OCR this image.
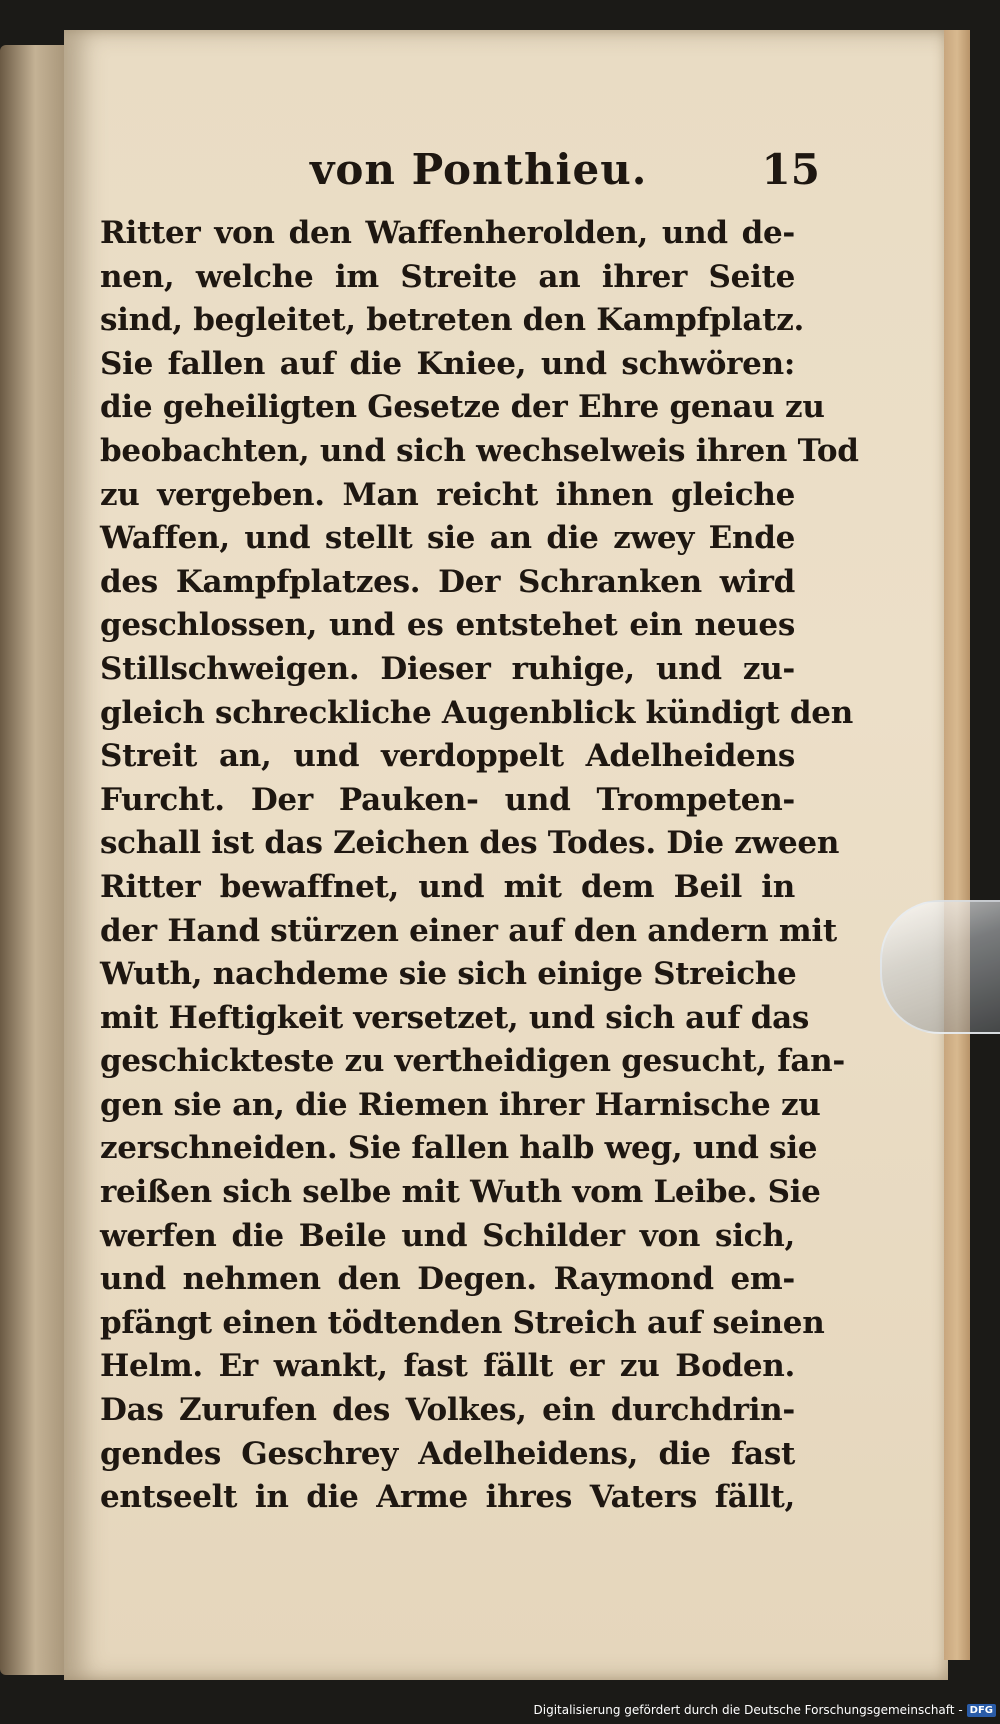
von Ponthieu.	15
Ritter von den Waffenherolden, und de-
nen, welche im Streite an ihrer Seite
sind, begleitet, betreten den Kampfplatz.
Sie fallen auf die Kniee, und schwören:
die geheiligten Gesetze der Ehre genau zu
beobachten, und sich wechselweis ihren Tod
zu vergeben. Man reicht ihnen gleiche
Waffen, und stellt sie an die zwey Ende
des Kampfplatzes. Der Schranken wird
geschlossen, und es entstehet ein neues
Stillschweigen. Dieser ruhige, und zu-
gleich schreckliche Augenblick kündigt den
Streit an, und verdoppelt Adelheidens
Furcht. Der Pauken- und Trompeten-
schall ist das Zeichen des Todes. Die zween
Ritter bewaffnet, und mit dem Beil in
der Hand stürzen einer auf den andern mit
Wuth, nachdeme sie sich einige Streiche
mit Heftigkeit versetzet, und sich auf das
geschickteste zu vertheidigen gesucht, fan-
gen sie an, die Riemen ihrer Harnische zu
zerschneiden. Sie fallen halb weg, und sie
reißen sich selbe mit Wuth vom Leibe. Sie
werfen die Beile und Schilder von sich,
und nehmen den Degen. Raymond em-
pfängt einen tödtenden Streich auf seinen
Helm. Er wankt, fast fällt er zu Boden.
Das Zurufen des Volkes, ein durchdrin-
gendes Geschrey Adelheidens, die fast
entseelt in die Arme ihres Vaters fällt,
Digitalisierung gefördert durch die Deutsche Forschungsgemeinschaft - DFG
